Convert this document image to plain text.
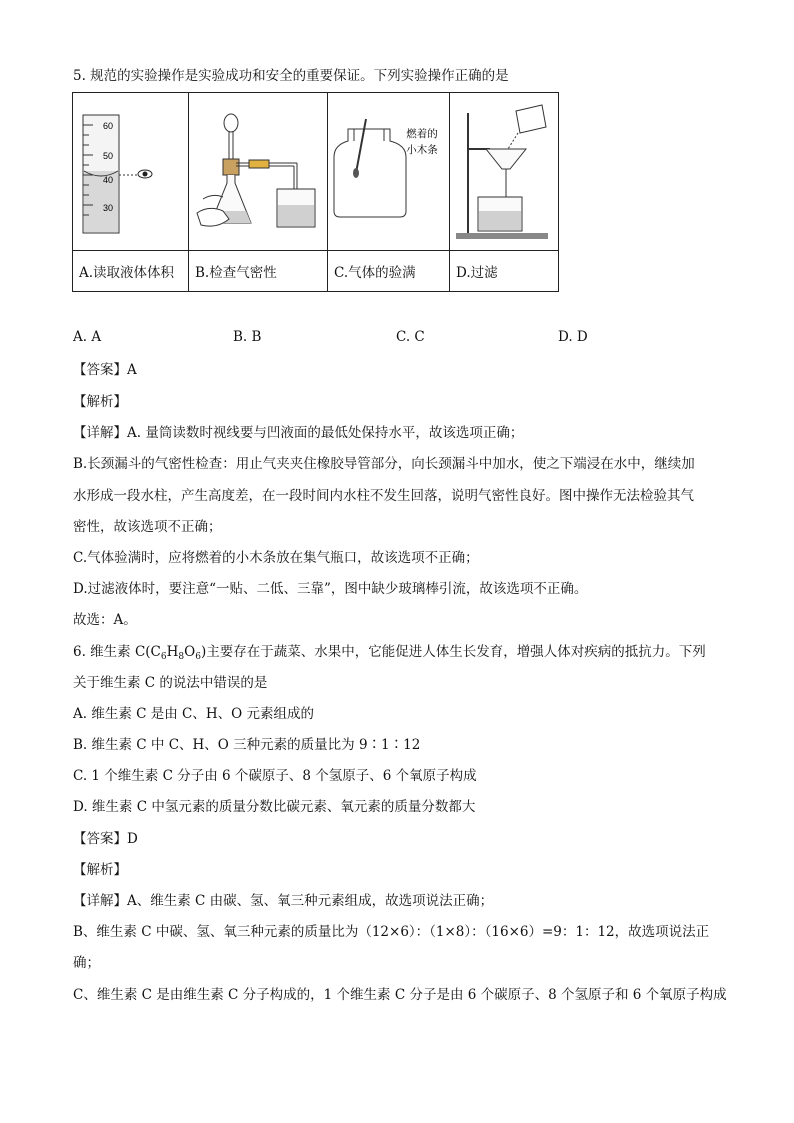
5. 规范的实验操作是实验成功和安全的重要保证。下列实验操作正确的是
60
50
40
30		燃着的
小木条

A.读取液体体积	B.检查气密性	C.气体的验满	D.过滤
A. A	B. B	C. C	D. D
【答案】A
【解析】
【详解】A. 量筒读数时视线要与凹液面的最低处保持水平，故该选项正确；
B.长颈漏斗的气密性检查：用止气夹夹住橡胶导管部分，向长颈漏斗中加水，使之下端浸在水中，继续加
水形成一段水柱，产生高度差，在一段时间内水柱不发生回落，说明气密性良好。图中操作无法检验其气
密性，故该选项不正确；
C.气体验满时，应将燃着的小木条放在集气瓶口，故该选项不正确；
D.过滤液体时，要注意“一贴、二低、三靠”，图中缺少玻璃棒引流，故该选项不正确。
故选：A。
6. 维生素 $C(C_6H_8O_6)$主要存在于蔬菜、水果中，它能促进人体生长发育，增强人体对疾病的抵抗力。下列
关于维生素 C 的说法中错误的是
A. 维生素 C 是由 C、H、O 元素组成的
B. 维生素 C 中 C、H、O 三种元素的质量比为 9∶1∶12
C. 1 个维生素 C 分子由 6 个碳原子、8 个氢原子、6 个氧原子构成
D. 维生素 C 中氢元素的质量分数比碳元素、氧元素的质量分数都大
【答案】D
【解析】
【详解】A、维生素 C 由碳、氢、氧三种元素组成，故选项说法正确；
B、维生素 C 中碳、氢、氧三种元素的质量比为（12×6）：（1×8）：（16×6）=9：1：12，故选项说法正
确；
C、维生素 C 是由维生素 C 分子构成的，1 个维生素 C 分子是由 6 个碳原子、8 个氢原子和 6 个氧原子构成
